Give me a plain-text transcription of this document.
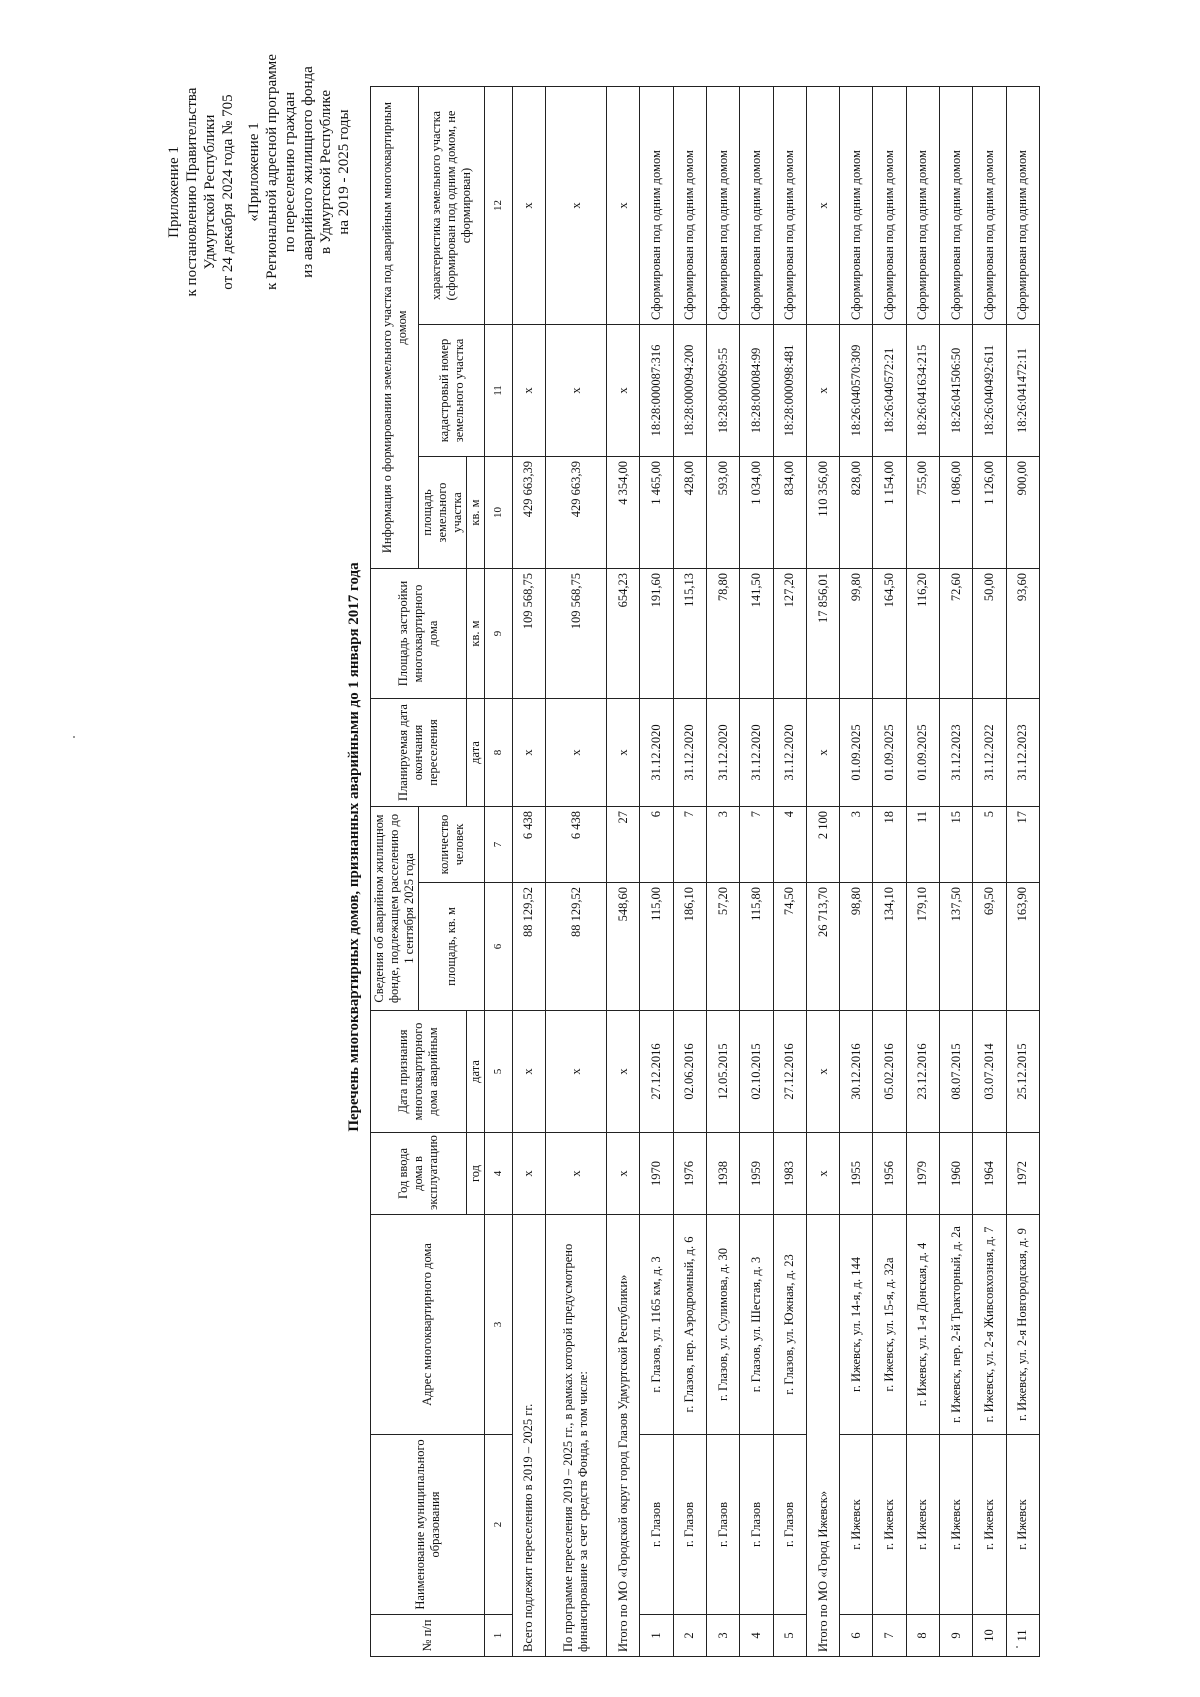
Приложение 1 к постановлению Правительства Удмуртской Республики от 24 декабря 2024 года № 705 «Приложение 1 к Региональной адресной программе по переселению граждан из аварийного жилищного фонда в Удмуртской Республике на 2019 - 2025 годы
Перечень многоквартирных домов, признанных аварийными до 1 января 2017 года
№ п/п	Наименование муниципального образования	Адрес многоквартирного дома	Год ввода дома в эксплуатацию	Дата признания многоквартирного дома аварийным	Сведения об аварийном жилищном фонде, подлежащем расселению до 1 сентября 2025 года		Планируемая дата окончания переселения	Площадь застройки многоквартирного дома	Информация о формировании земельного участка под аварийным многоквартирным домом		
					площадь, кв. м	количество человек			площадь земельного участка	кадастровый номер земельного участка	характеристика земельного участка (сформирован под одним домом, не сформирован)
			год	дата			дата	кв. м	кв. м		
1	2	3	4	5	6	7	8	9	10	11	12
Всего подлежит переселению в 2019 – 2025 гг.			х	х	88 129,52	6 438	х	109 568,75	429 663,39	х	х
По программе переселения 2019 – 2025 гг., в рамках которой предусмотрено финансирование за счет средств Фонда, в том числе:			х	х	88 129,52	6 438	х	109 568,75	429 663,39	х	х
Итого по МО «Городской округ город Глазов Удмуртской Республики»			х	х	548,60	27	х	654,23	4 354,00	х	х
1	г. Глазов	г. Глазов, ул. 1165 км, д. 3	1970	27.12.2016	115,00	6	31.12.2020	191,60	1 465,00	18:28:000087:316	Сформирован под одним домом
2	г. Глазов	г. Глазов, пер. Аэродромный, д. 6	1976	02.06.2016	186,10	7	31.12.2020	115,13	428,00	18:28:000094:200	Сформирован под одним домом
3	г. Глазов	г. Глазов, ул. Сулимова, д. 30	1938	12.05.2015	57,20	3	31.12.2020	78,80	593,00	18:28:000069:55	Сформирован под одним домом
4	г. Глазов	г. Глазов, ул. Шестая, д. 3	1959	02.10.2015	115,80	7	31.12.2020	141,50	1 034,00	18:28:000084:99	Сформирован под одним домом
5	г. Глазов	г. Глазов, ул. Южная, д. 23	1983	27.12.2016	74,50	4	31.12.2020	127,20	834,00	18:28:000098:481	Сформирован под одним домом
Итого по МО «Город Ижевск»			х	х	26 713,70	2 100	х	17 856,01	110 356,00	х	х
6	г. Ижевск	г. Ижевск, ул. 14-я, д. 144	1955	30.12.2016	98,80	3	01.09.2025	99,80	828,00	18:26:040570:309	Сформирован под одним домом
7	г. Ижевск	г. Ижевск, ул. 15-я, д. 32а	1956	05.02.2016	134,10	18	01.09.2025	164,50	1 154,00	18:26:040572:21	Сформирован под одним домом
8	г. Ижевск	г. Ижевск, ул. 1-я Донская, д. 4	1979	23.12.2016	179,10	11	01.09.2025	116,20	755,00	18:26:041634:215	Сформирован под одним домом
9	г. Ижевск	г. Ижевск, пер. 2-й Тракторный, д. 2а	1960	08.07.2015	137,50	15	31.12.2023	72,60	1 086,00	18:26:041506:50	Сформирован под одним домом
10	г. Ижевск	г. Ижевск, ул. 2-я Живсовхозная, д. 7	1964	03.07.2014	69,50	5	31.12.2022	50,00	1 126,00	18:26:040492:611	Сформирован под одним домом
11	г. Ижевск	г. Ижевск, ул. 2-я Новгородская, д. 9	1972	25.12.2015	163,90	17	31.12.2023	93,60	900,00	18:26:041472:11	Сформирован под одним домом
